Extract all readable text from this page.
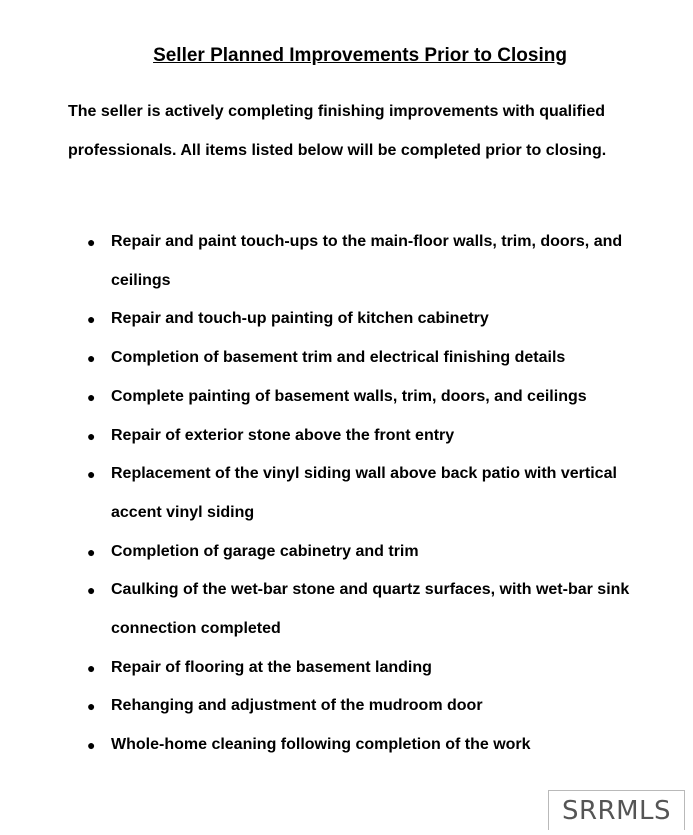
Seller Planned Improvements Prior to Closing

The seller is actively completing finishing improvements with qualified professionals. All items listed below will be completed prior to closing.

● Repair and paint touch-ups to the main-floor walls, trim, doors, and ceilings
● Repair and touch-up painting of kitchen cabinetry
● Completion of basement trim and electrical finishing details
● Complete painting of basement walls, trim, doors, and ceilings
● Repair of exterior stone above the front entry
● Replacement of the vinyl siding wall above back patio with vertical accent vinyl siding
● Completion of garage cabinetry and trim
● Caulking of the wet-bar stone and quartz surfaces, with wet-bar sink connection completed
● Repair of flooring at the basement landing
● Rehanging and adjustment of the mudroom door
● Whole-home cleaning following completion of the work
SRRMLS
